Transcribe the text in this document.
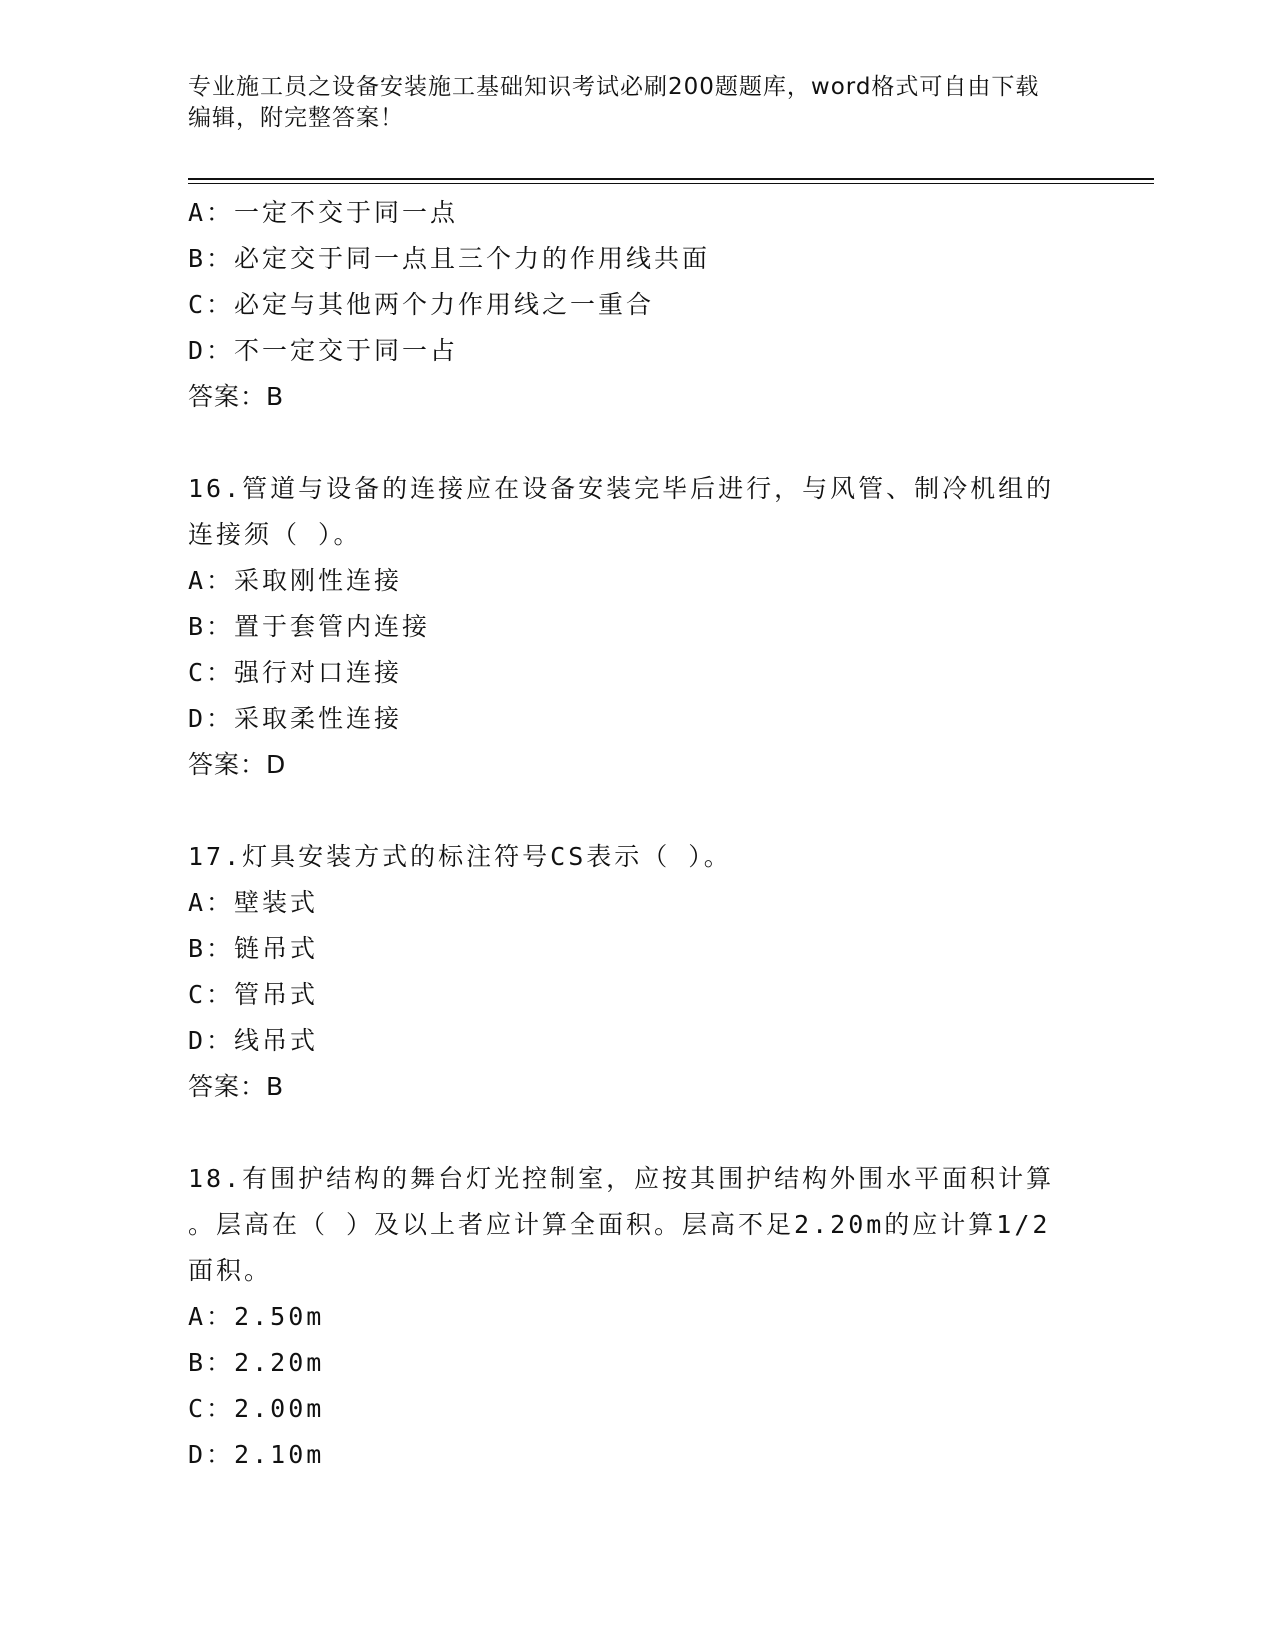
专业施工员之设备安装施工基础知识考试必刷200题题库，word格式可自由下载
编辑，附完整答案！
A：一定不交于同一点
B：必定交于同一点且三个力的作用线共面
C：必定与其他两个力作用线之一重合
D：不一定交于同一占
答案：B
16.管道与设备的连接应在设备安装完毕后进行，与风管、制冷机组的
连接须（ ）。
A：采取刚性连接
B：置于套管内连接
C：强行对口连接
D：采取柔性连接
答案：D
17.灯具安装方式的标注符号CS表示（ ）。
A：壁装式
B：链吊式
C：管吊式
D：线吊式
答案：B
18.有围护结构的舞台灯光控制室，应按其围护结构外围水平面积计算
。层高在（ ）及以上者应计算全面积。层高不足2.20m的应计算1/2
面积。
A：2.50m
B：2.20m
C：2.00m
D：2.10m
